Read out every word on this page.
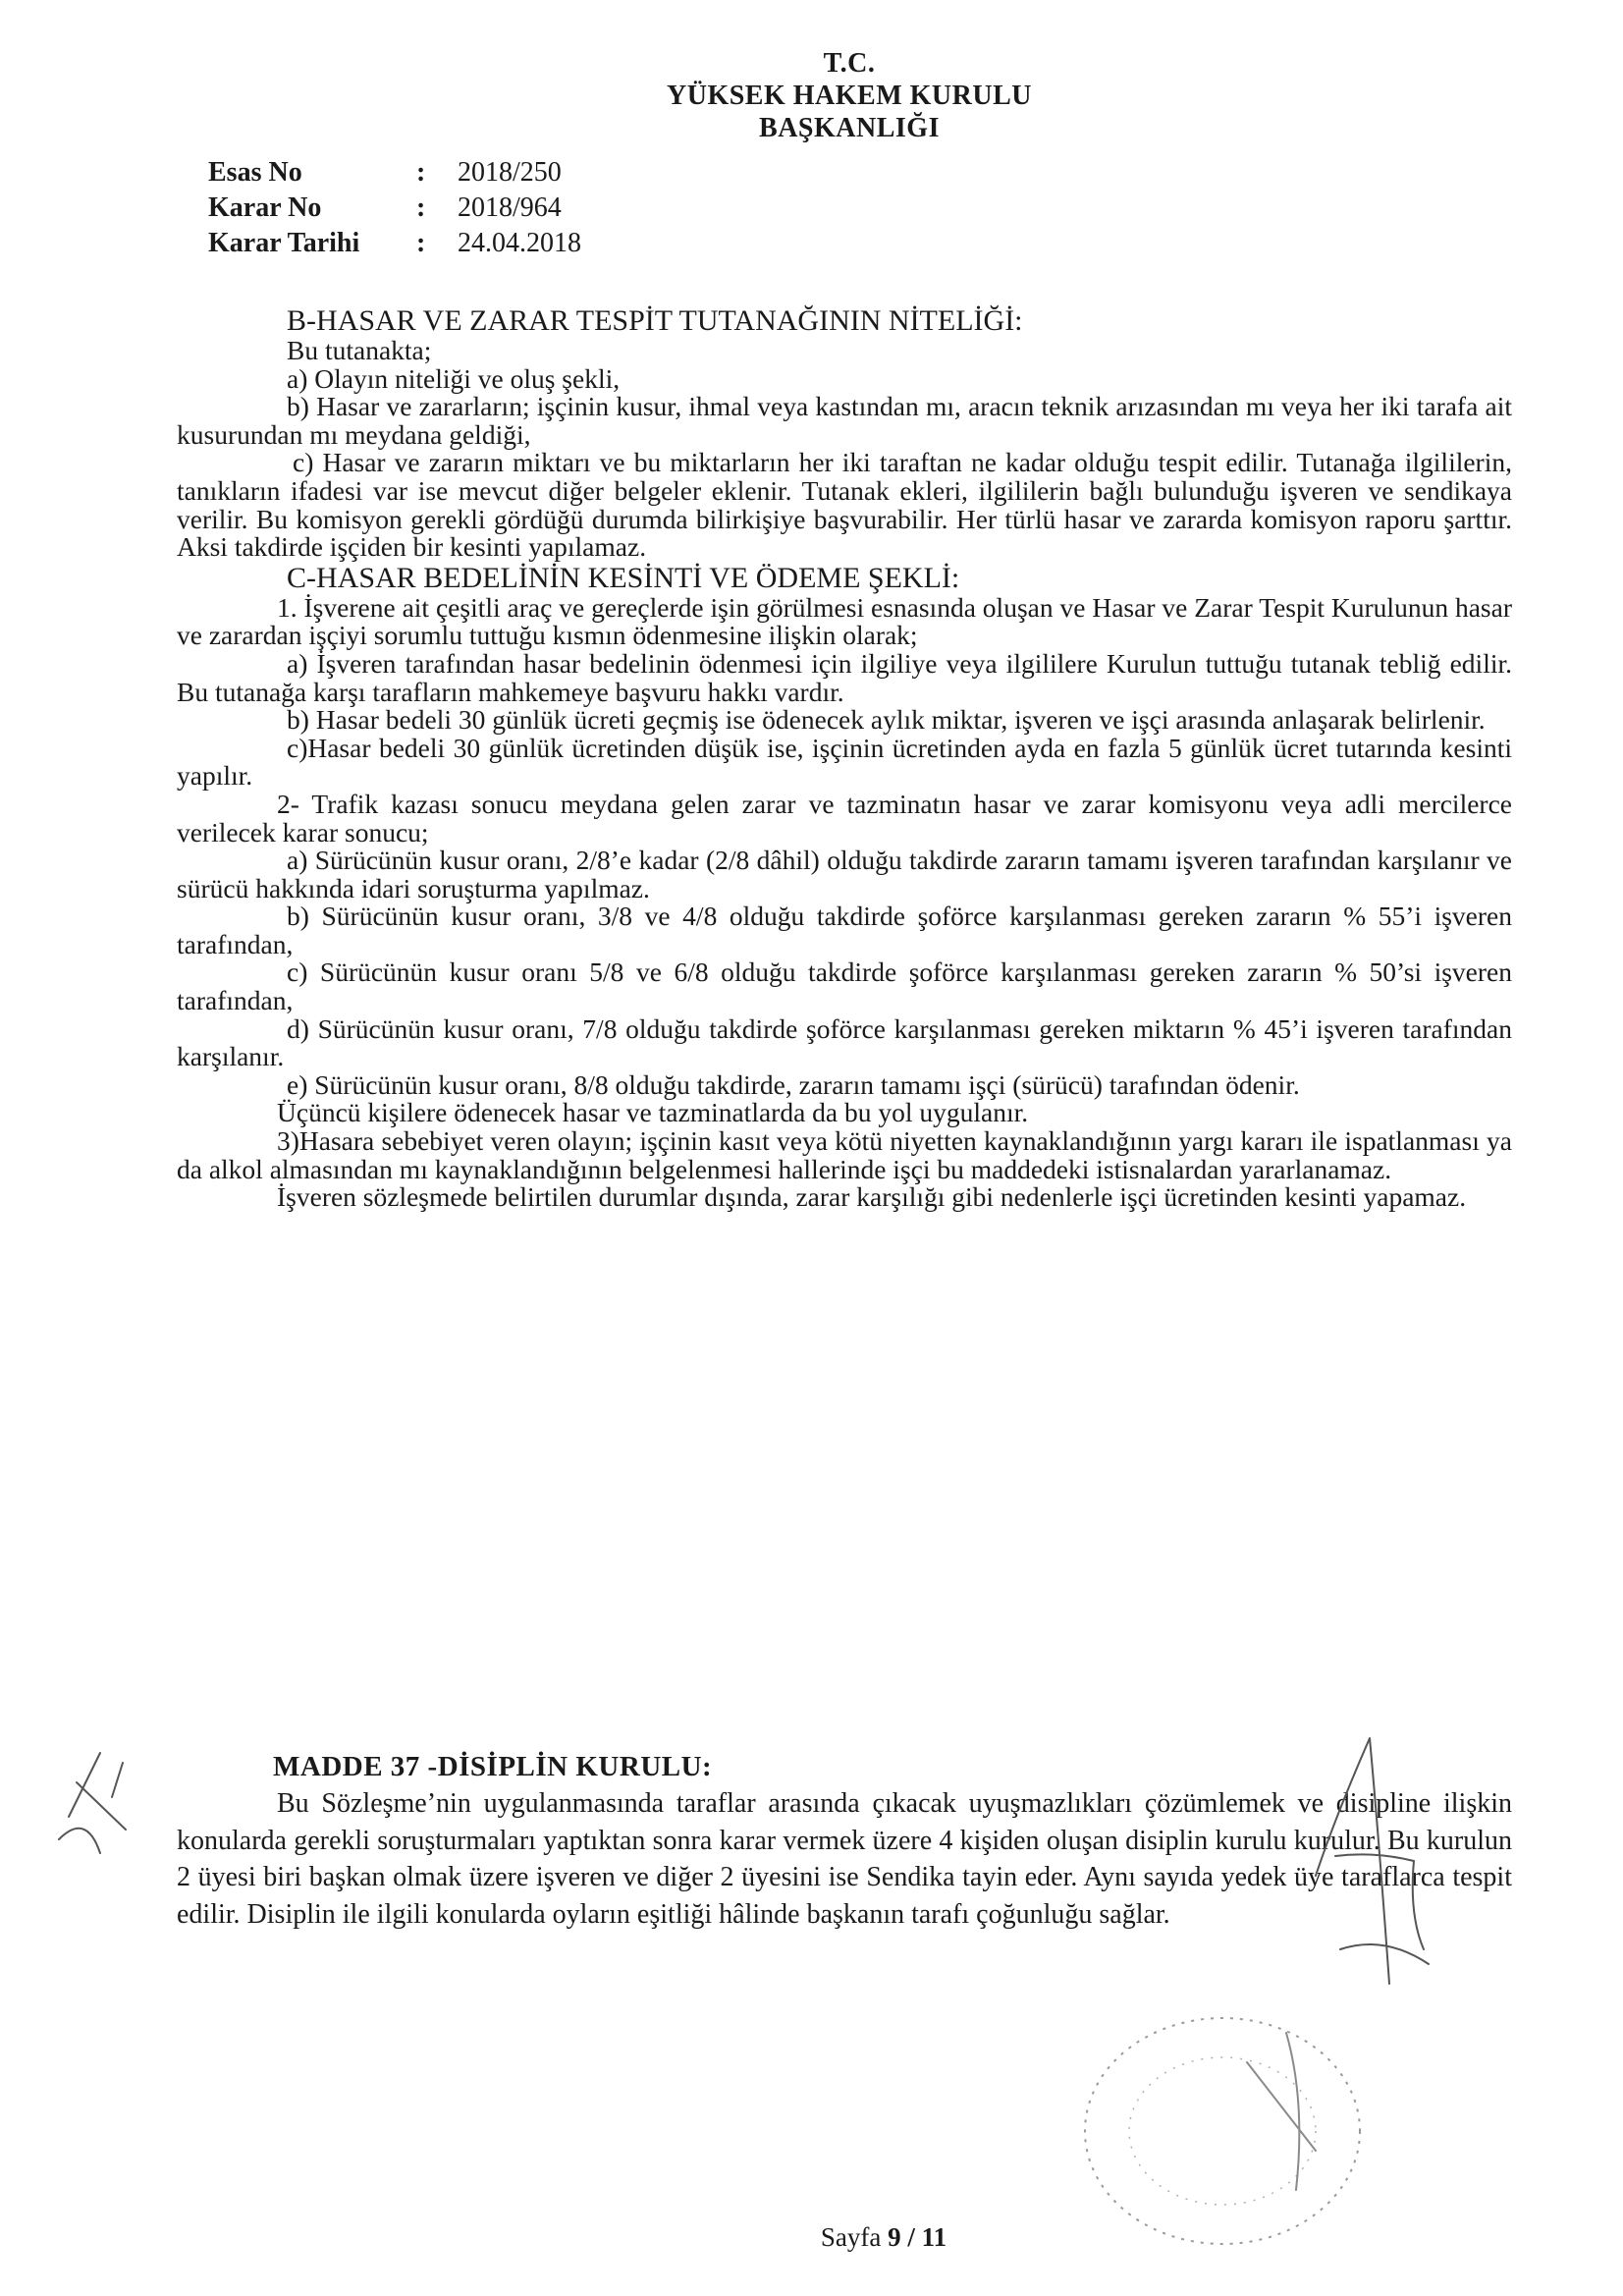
T.C.
YÜKSEK HAKEM KURULU
BAŞKANLIĞI
Esas No	:	2018/250
Karar No	:	2018/964
Karar Tarihi	:	24.04.2018

B-HASAR VE ZARAR TESPİT TUTANAĞININ NİTELİĞİ:

Bu tutanakta;

a) Olayın niteliği ve oluş şekli,

b) Hasar ve zararların; işçinin kusur, ihmal veya kastından mı, aracın teknik arızasından mı veya her iki tarafa ait kusurundan mı meydana geldiği,

c) Hasar ve zararın miktarı ve bu miktarların her iki taraftan ne kadar olduğu tespit edilir. Tutanağa ilgililerin, tanıkların ifadesi var ise mevcut diğer belgeler eklenir. Tutanak ekleri, ilgililerin bağlı bulunduğu işveren ve sendikaya verilir. Bu komisyon gerekli gördüğü durumda bilirkişiye başvurabilir. Her türlü hasar ve zararda komisyon raporu şarttır. Aksi takdirde işçiden bir kesinti yapılamaz.

C-HASAR BEDELİNİN KESİNTİ VE ÖDEME ŞEKLİ:

1. İşverene ait çeşitli araç ve gereçlerde işin görülmesi esnasında oluşan ve Hasar ve Zarar Tespit Kurulunun hasar ve zarardan işçiyi sorumlu tuttuğu kısmın ödenmesine ilişkin olarak;

a) İşveren tarafından hasar bedelinin ödenmesi için ilgiliye veya ilgililere Kurulun tuttuğu tutanak tebliğ edilir. Bu tutanağa karşı tarafların mahkemeye başvuru hakkı vardır.

b) Hasar bedeli 30 günlük ücreti geçmiş ise ödenecek aylık miktar, işveren ve işçi arasında anlaşarak belirlenir.

c)Hasar bedeli 30 günlük ücretinden düşük ise, işçinin ücretinden ayda en fazla 5 günlük ücret tutarında kesinti yapılır.

2- Trafik kazası sonucu meydana gelen zarar ve tazminatın hasar ve zarar komisyonu veya adli mercilerce verilecek karar sonucu;

a) Sürücünün kusur oranı, 2/8’e kadar (2/8 dâhil) olduğu takdirde zararın tamamı işveren tarafından karşılanır ve sürücü hakkında idari soruşturma yapılmaz.

b) Sürücünün kusur oranı, 3/8 ve 4/8 olduğu takdirde şoförce karşılanması gereken zararın % 55’i işveren tarafından,

c) Sürücünün kusur oranı 5/8 ve 6/8 olduğu takdirde şoförce karşılanması gereken zararın % 50’si işveren tarafından,

d) Sürücünün kusur oranı, 7/8 olduğu takdirde şoförce karşılanması gereken miktarın % 45’i işveren tarafından karşılanır.

e) Sürücünün kusur oranı, 8/8 olduğu takdirde, zararın tamamı işçi (sürücü) tarafından ödenir.

Üçüncü kişilere ödenecek hasar ve tazminatlarda da bu yol uygulanır.

3)Hasara sebebiyet veren olayın; işçinin kasıt veya kötü niyetten kaynaklandığının yargı kararı ile ispatlanması ya da alkol almasından mı kaynaklandığının belgelenmesi hallerinde işçi bu maddedeki istisnalardan yararlanamaz.

İşveren sözleşmede belirtilen durumlar dışında, zarar karşılığı gibi nedenlerle işçi ücretinden kesinti yapamaz.

MADDE 37 -DİSİPLİN KURULU:

Bu Sözleşme’nin uygulanmasında taraflar arasında çıkacak uyuşmazlıkları çözümlemek ve disipline ilişkin konularda gerekli soruşturmaları yaptıktan sonra karar vermek üzere 4 kişiden oluşan disiplin kurulu kurulur. Bu kurulun 2 üyesi biri başkan olmak üzere işveren ve diğer 2 üyesini ise Sendika tayin eder. Aynı sayıda yedek üye taraflarca tespit edilir. Disiplin ile ilgili konularda oyların eşitliği hâlinde başkanın tarafı çoğunluğu sağlar.

Sayfa 9 / 11
